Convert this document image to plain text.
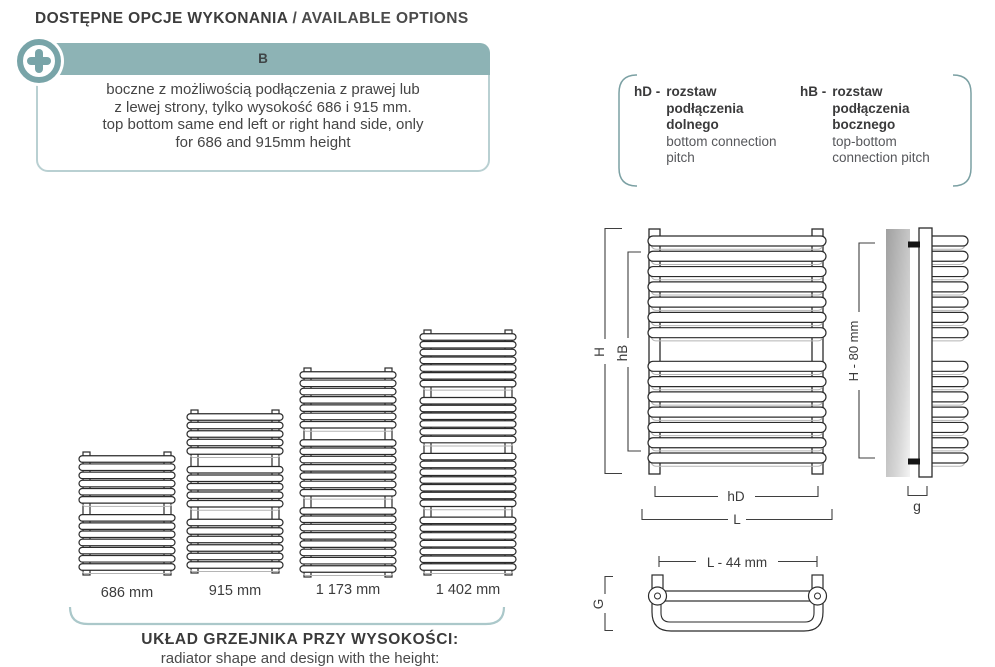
DOSTĘPNE OPCJE WYKONANIA / AVAILABLE OPTIONS
B
boczne z możliwością podłączenia z prawej lub
z lewej strony, tylko wysokość 686 i 915 mm.
top bottom same end left or right hand side, only
for 686 and 915mm height
hD - rozstaw
podłączenia
dolnego
bottom connection
pitch
hB - rozstaw
podłączenia
bocznego
top-bottom
connection pitch
686 mm	915 mm	1 173 mm	1 402 mm
H hB
hD
L
H - 80 mm
g
L - 44 mm
G
UKŁAD GRZEJNIKA PRZY WYSOKOŚCI:
radiator shape and design with the height:
